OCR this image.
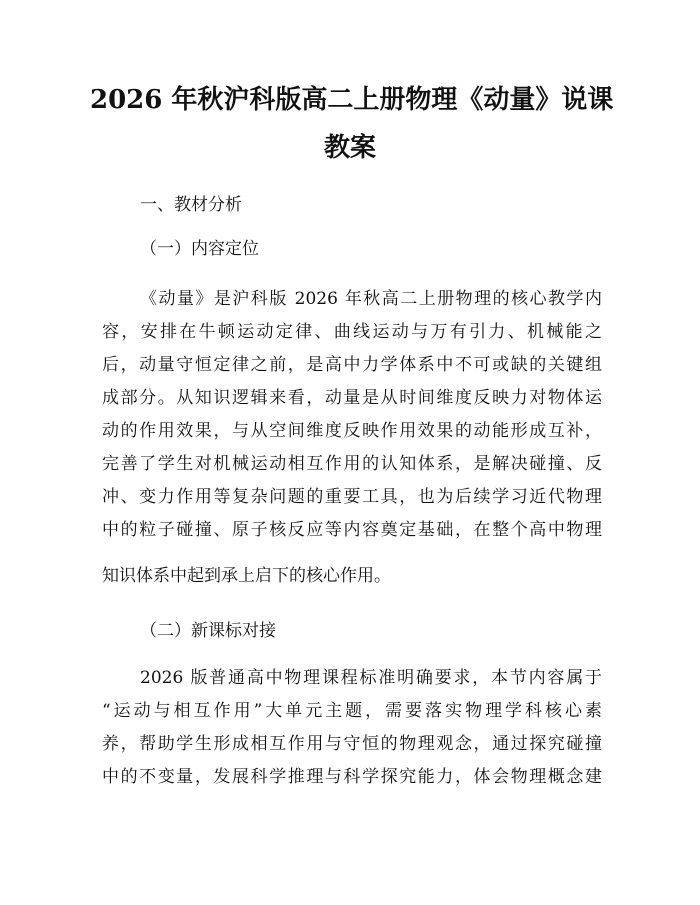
2026 年秋沪科版高二上册物理《动量》说课
教案
一、教材分析
（一）内容定位
《动量》是沪科版 2026 年秋高二上册物理的核心教学内
容，安排在牛顿运动定律、曲线运动与万有引力、机械能之
后，动量守恒定律之前，是高中力学体系中不可或缺的关键组
成部分。从知识逻辑来看，动量是从时间维度反映力对物体运
动的作用效果，与从空间维度反映作用效果的动能形成互补，
完善了学生对机械运动相互作用的认知体系，是解决碰撞、反
冲、变力作用等复杂问题的重要工具，也为后续学习近代物理
中的粒子碰撞、原子核反应等内容奠定基础，在整个高中物理
知识体系中起到承上启下的核心作用。
（二）新课标对接
2026 版普通高中物理课程标准明确要求，本节内容属于
“运动与相互作用”大单元主题，需要落实物理学科核心素
养，帮助学生形成相互作用与守恒的物理观念，通过探究碰撞
中的不变量，发展科学推理与科学探究能力，体会物理概念建
